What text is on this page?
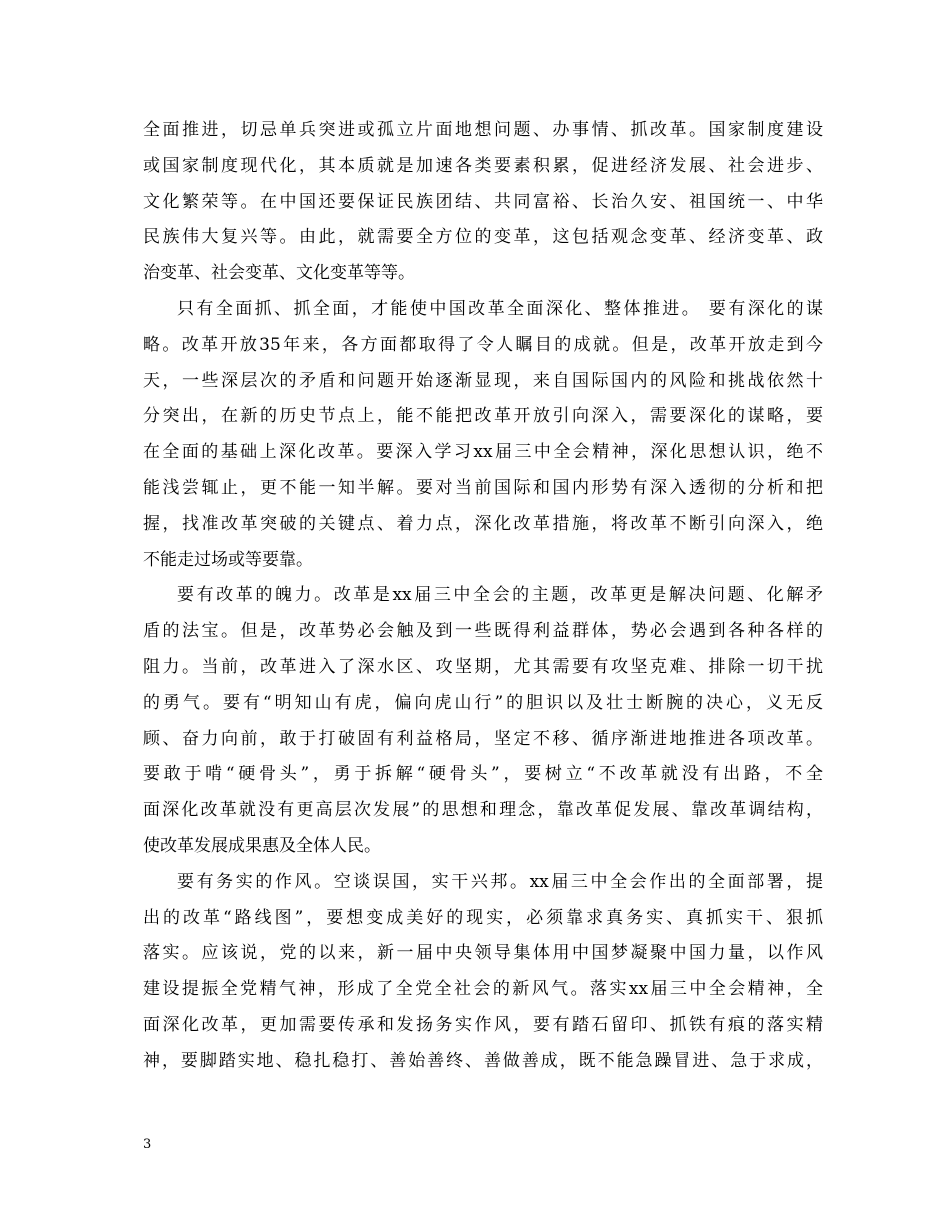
全面推进，切忌单兵突进或孤立片面地想问题、办事情、抓改革。国家制度建设
或国家制度现代化，其本质就是加速各类要素积累，促进经济发展、社会进步、
文化繁荣等。在中国还要保证民族团结、共同富裕、长治久安、祖国统一、中华
民族伟大复兴等。由此，就需要全方位的变革，这包括观念变革、经济变革、政
治变革、社会变革、文化变革等等。
只有全面抓、抓全面，才能使中国改革全面深化、整体推进。 要有深化的谋
略。改革开放35年来，各方面都取得了令人瞩目的成就。但是，改革开放走到今
天，一些深层次的矛盾和问题开始逐渐显现，来自国际国内的风险和挑战依然十
分突出，在新的历史节点上，能不能把改革开放引向深入，需要深化的谋略，要
在全面的基础上深化改革。要深入学习xx届三中全会精神，深化思想认识，绝不
能浅尝辄止，更不能一知半解。要对当前国际和国内形势有深入透彻的分析和把
握，找准改革突破的关键点、着力点，深化改革措施，将改革不断引向深入，绝
不能走过场或等要靠。
要有改革的魄力。改革是xx届三中全会的主题，改革更是解决问题、化解矛
盾的法宝。但是，改革势必会触及到一些既得利益群体，势必会遇到各种各样的
阻力。当前，改革进入了深水区、攻坚期，尤其需要有攻坚克难、排除一切干扰
的勇气。要有“明知山有虎，偏向虎山行”的胆识以及壮士断腕的决心，义无反
顾、奋力向前，敢于打破固有利益格局，坚定不移、循序渐进地推进各项改革。
要敢于啃“硬骨头”，勇于拆解“硬骨头”，要树立“不改革就没有出路，不全
面深化改革就没有更高层次发展”的思想和理念，靠改革促发展、靠改革调结构，
使改革发展成果惠及全体人民。
要有务实的作风。空谈误国，实干兴邦。xx届三中全会作出的全面部署，提
出的改革“路线图”，要想变成美好的现实，必须靠求真务实、真抓实干、狠抓
落实。应该说，党的以来，新一届中央领导集体用中国梦凝聚中国力量，以作风
建设提振全党精气神，形成了全党全社会的新风气。落实xx届三中全会精神，全
面深化改革，更加需要传承和发扬务实作风，要有踏石留印、抓铁有痕的落实精
神，要脚踏实地、稳扎稳打、善始善终、善做善成，既不能急躁冒进、急于求成，
3
